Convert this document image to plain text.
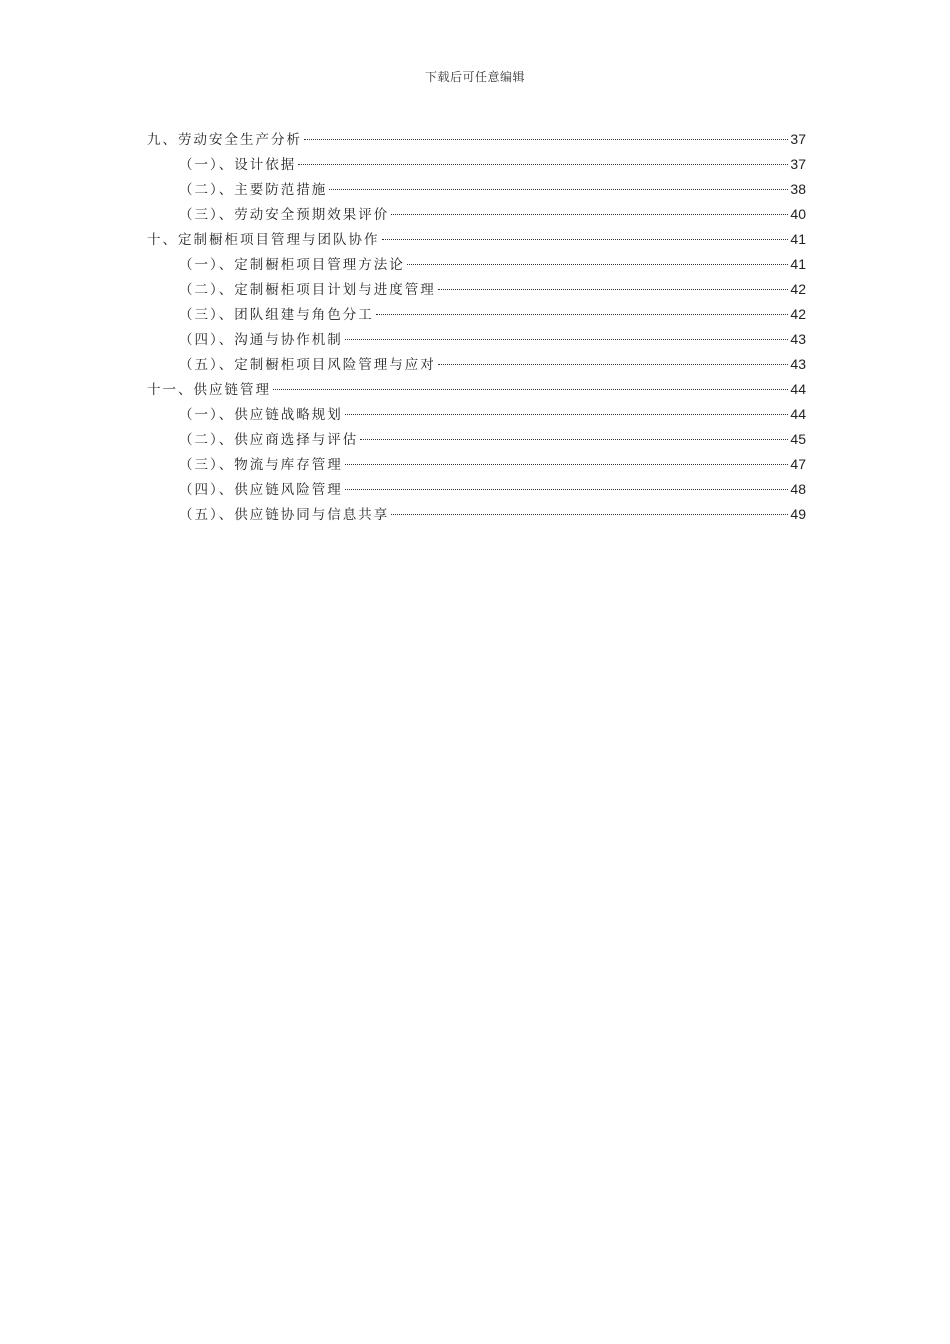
下载后可任意编辑
九、劳动安全生产分析	37
（一）、设计依据	37
（二）、主要防范措施	38
（三）、劳动安全预期效果评价	40
十、定制橱柜项目管理与团队协作	41
（一）、定制橱柜项目管理方法论	41
（二）、定制橱柜项目计划与进度管理	42
（三）、团队组建与角色分工	42
（四）、沟通与协作机制	43
（五）、定制橱柜项目风险管理与应对	43
十一、供应链管理	44
（一）、供应链战略规划	44
（二）、供应商选择与评估	45
（三）、物流与库存管理	47
（四）、供应链风险管理	48
（五）、供应链协同与信息共享	49
